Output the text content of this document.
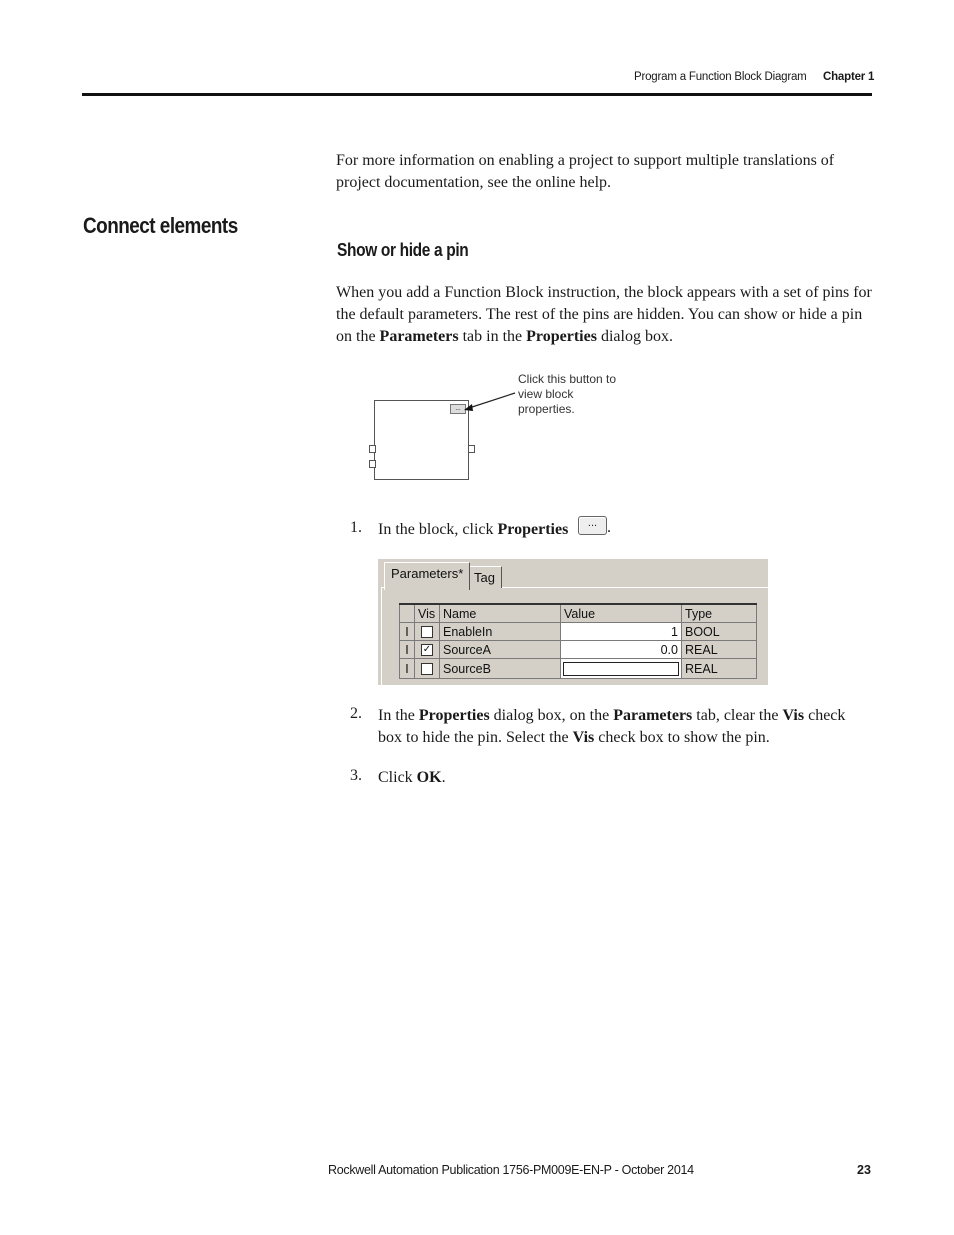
Program a Function Block Diagram Chapter 1

For more information on enabling a project to support multiple translations of project documentation, see the online help.

Connect elements
Show or hide a pin

When you add a Function Block instruction, the block appears with a set of pins for the default parameters. The rest of the pins are hidden. You can show or hide a pin on the Parameters tab in the Properties dialog box.

...
Click this button to view block properties.
1. In the block, click Properties	... .
Parameters* Tag
	Vis	Name	Value	Type
I		EnableIn	1	BOOL
I	✓	SourceA	0.0	REAL
I		SourceB		REAL
2. In the Properties dialog box, on the Parameters tab, clear the Vis check box to hide the pin. Select the Vis check box to show the pin.
3. Click OK.
Rockwell Automation Publication 1756-PM009E-EN-P - October 2014	23
